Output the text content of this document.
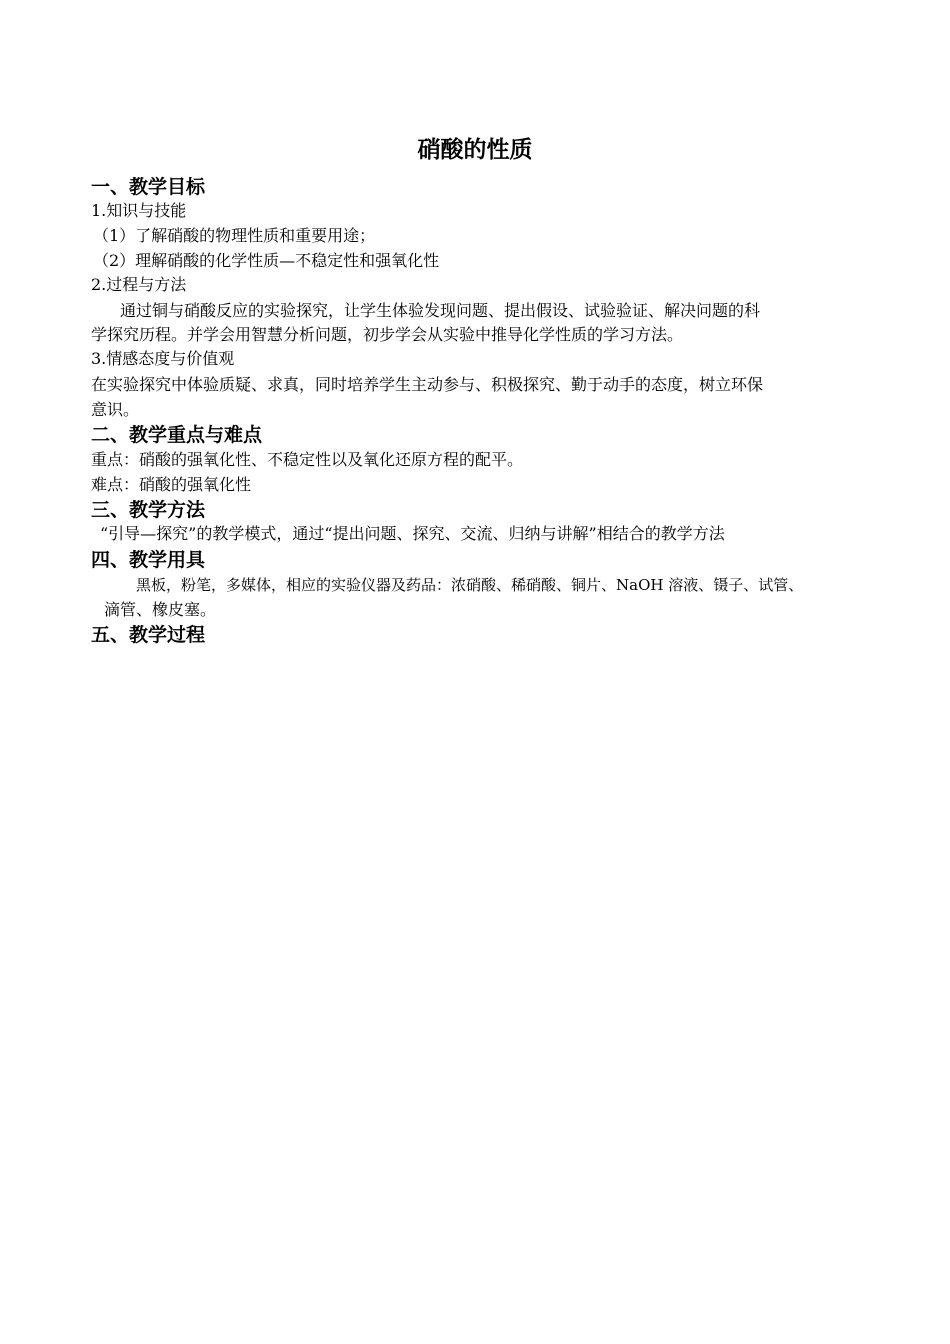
硝酸的性质
一、教学目标
1.知识与技能
（1）了解硝酸的物理性质和重要用途；
（2）理解硝酸的化学性质—不稳定性和强氧化性
2.过程与方法
通过铜与硝酸反应的实验探究，让学生体验发现问题、提出假设、试验验证、解决问题的科
学探究历程。并学会用智慧分析问题，初步学会从实验中推导化学性质的学习方法。
3.情感态度与价值观
在实验探究中体验质疑、求真，同时培养学生主动参与、积极探究、勤于动手的态度，树立环保
意识。
二、教学重点与难点
重点：硝酸的强氧化性、不稳定性以及氧化还原方程的配平。
难点：硝酸的强氧化性
三、教学方法
“引导—探究”的教学模式，通过“提出问题、探究、交流、归纳与讲解”相结合的教学方法
四、教学用具
黑板，粉笔，多媒体，相应的实验仪器及药品：浓硝酸、稀硝酸、铜片、NaOH 溶液、镊子、试管、
滴管、橡皮塞。
五、教学过程
